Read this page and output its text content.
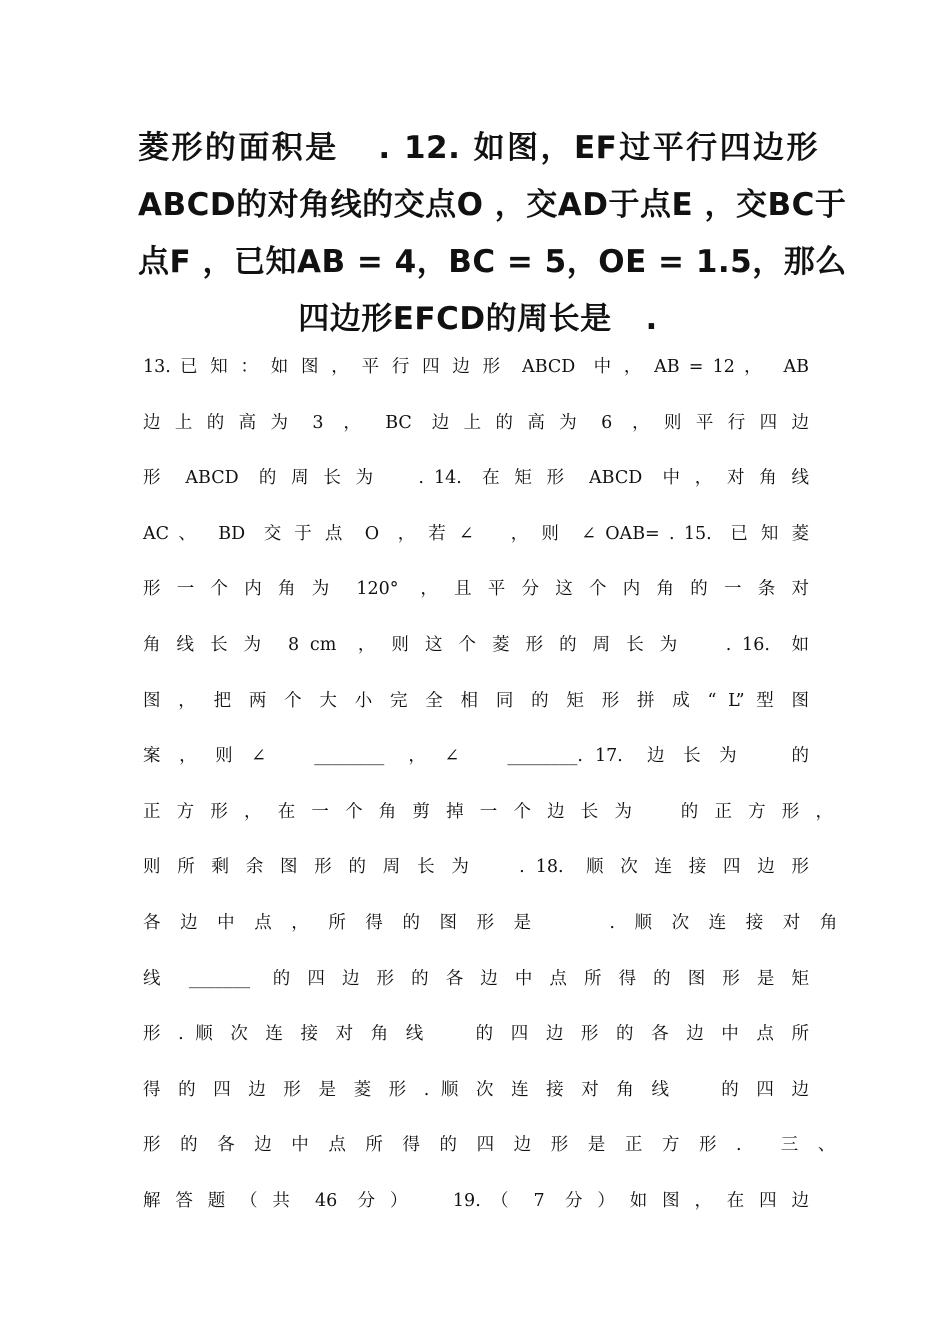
菱形的面积是   . 12. 如图，EF过平行四边形
ABCD的对角线的交点O ，交AD于点E ，交BC于
点F ，已知AB = 4，BC = 5，OE = 1.5，那么
四边形EFCD的周长是   .
13. 已 知 ： 如 图 ， 平 行 四 边 形  ABCD  中 ， AB = 12 ，  AB
边 上 的 高 为  3  ，  BC  边 上 的 高 为  6  ， 则 平 行 四 边
形  ABCD  的 周 长 为    . 14.  在 矩 形  ABCD  中 ， 对 角 线
AC 、  BD  交 于 点  O  ， 若 ∠    ， 则  ∠ OAB= . 15.  已 知 菱
形 一 个 内 角 为  120°  ， 且 平 分 这 个 内 角 的 一 条 对
角 线 长 为  8 cm  ， 则 这 个 菱 形 的 周 长 为    . 16.  如
图 ， 把 两 个 大 小 完 全 相 同 的 矩 形 拼 成 “ L” 型 图
案 ， 则 ∠    ________  ， ∠    ________. 17.  边 长 为    的
正 方 形 ， 在 一 个 角 剪 掉 一 个 边 长 为    的 正 方 形 ，
则 所 剩 余 图 形 的 周 长 为    . 18.  顺 次 连 接 四 边 形
各 边 中 点 ， 所 得 的 图 形 是    . 顺 次 连 接 对 角
线  _______  的 四 边 形 的 各 边 中 点 所 得 的 图 形 是 矩
形 . 顺 次 连 接 对 角 线    的 四 边 形 的 各 边 中 点 所
得 的 四 边 形 是 菱 形 . 顺 次 连 接 对 角 线    的 四 边
形 的 各 边 中 点 所 得 的 四 边 形 是 正 方 形 .  三 、
解 答 题 （ 共  46  分 ）    19. （  7  分 ） 如 图 ， 在 四 边
